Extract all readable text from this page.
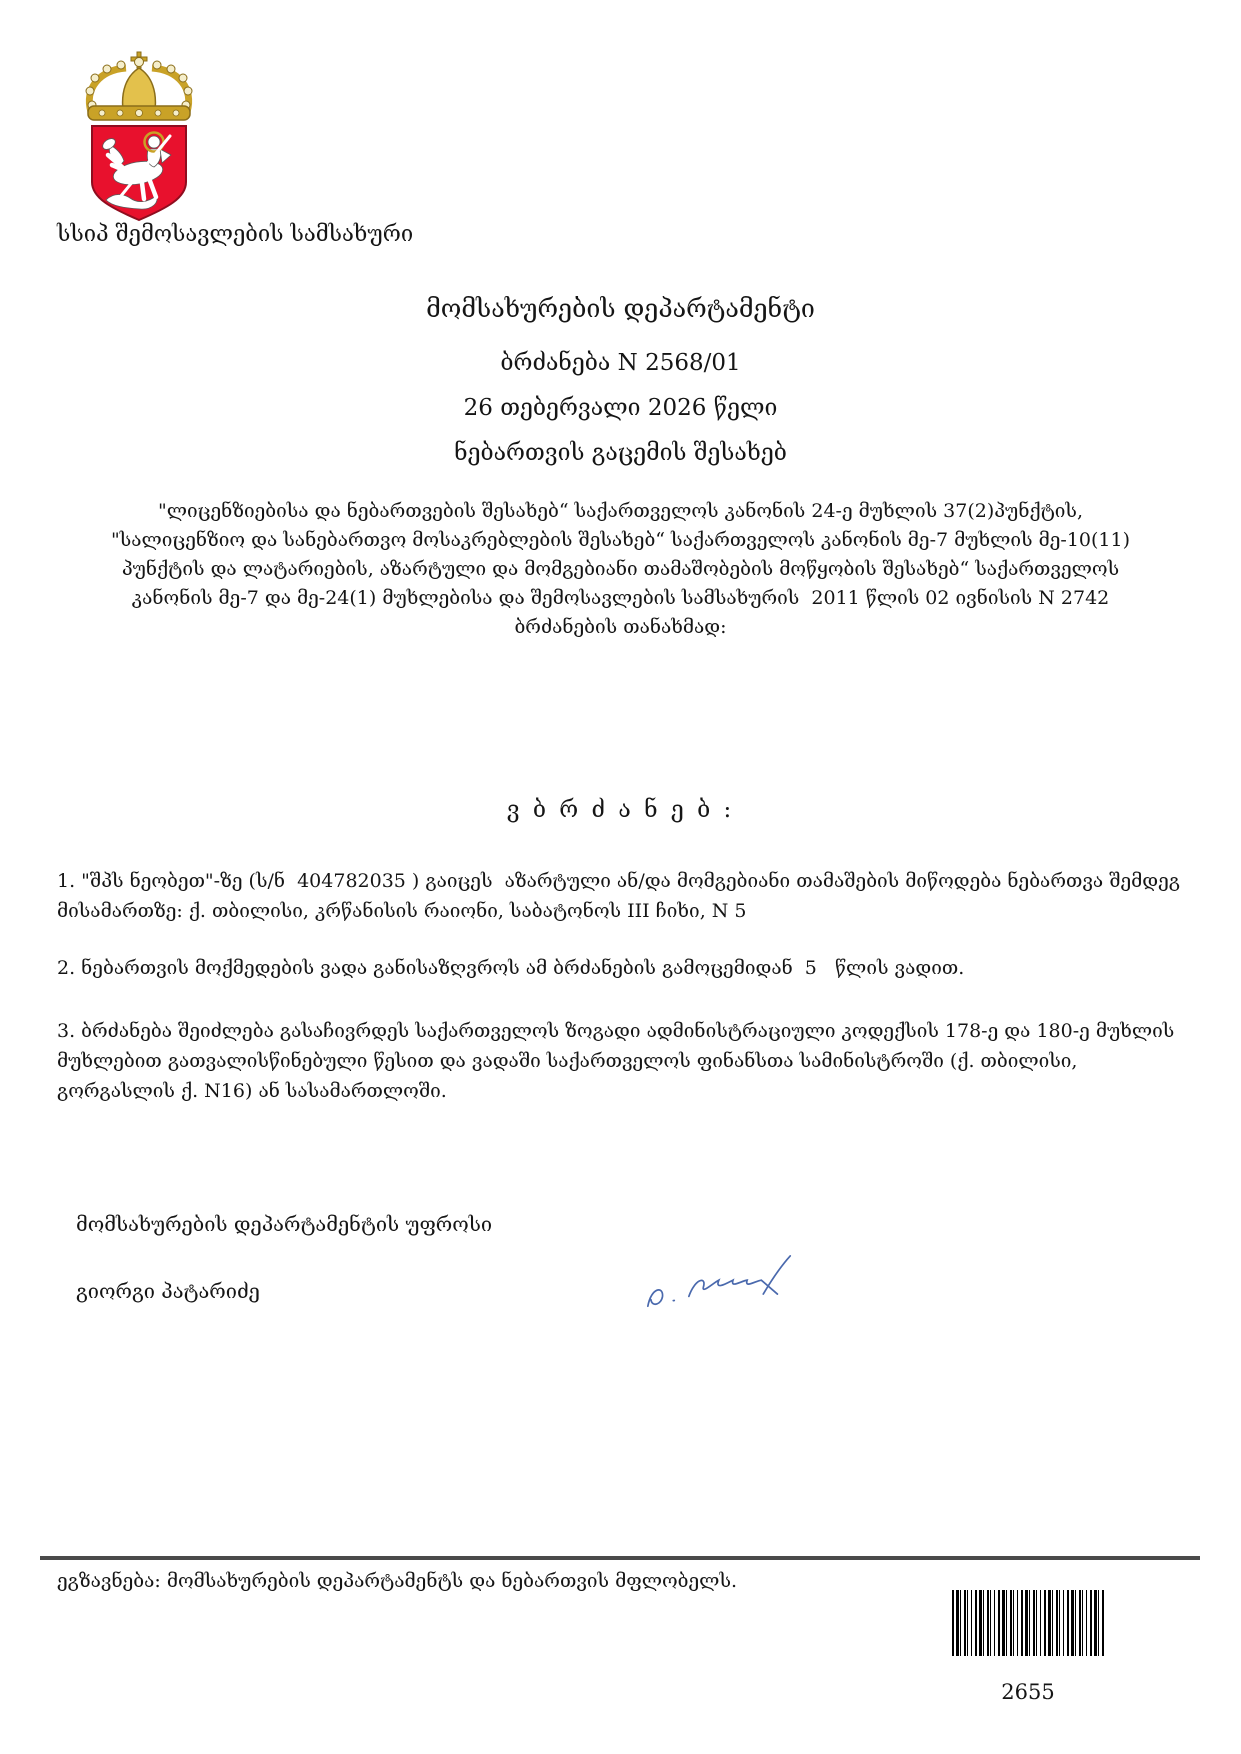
სსიპ შემოსავლების სამსახური
მომსახურების დეპარტამენტი
ბრძანება N 2568/01
26 თებერვალი 2026 წელი
ნებართვის გაცემის შესახებ
"ლიცენზიებისა და ნებართვების შესახებ“ საქართველოს კანონის 24-ე მუხლის 37(2)პუნქტის, "სალიცენზიო და სანებართვო მოსაკრებლების შესახებ“ საქართველოს კანონის მე-7 მუხლის მე-10(11) პუნქტის და ლატარიების, აზარტული და მომგებიანი თამაშობების მოწყობის შესახებ“ საქართველოს კანონის მე-7 და მე-24(1) მუხლებისა და შემოსავლების სამსახურის  2011 წლის 02 ივნისის N 2742 ბრძანების თანახმად:
ვ ბ რ ძ ა ნ ე ბ :
1. "შპს ნეობეთ"-ზე (ს/ნ  404782035 ) გაიცეს  აზარტული ან/და მომგებიანი თამაშების მიწოდება ნებართვა შემდეგ მისამართზე: ქ. თბილისი, კრწანისის რაიონი, საბატონოს III ჩიხი, N 5
2. ნებართვის მოქმედების ვადა განისაზღვროს ამ ბრძანების გამოცემიდან  5   წლის ვადით.
3. ბრძანება შეიძლება გასაჩივრდეს საქართველოს ზოგადი ადმინისტრაციული კოდექსის 178-ე და 180-ე მუხლის მუხლებით გათვალისწინებული წესით და ვადაში საქართველოს ფინანსთა სამინისტროში (ქ. თბილისი, გორგასლის ქ. N16) ან სასამართლოში.
მომსახურების დეპარტამენტის უფროსი
გიორგი პატარიძე
ეგზავნება: მომსახურების დეპარტამენტს და ნებართვის მფლობელს.
2655
